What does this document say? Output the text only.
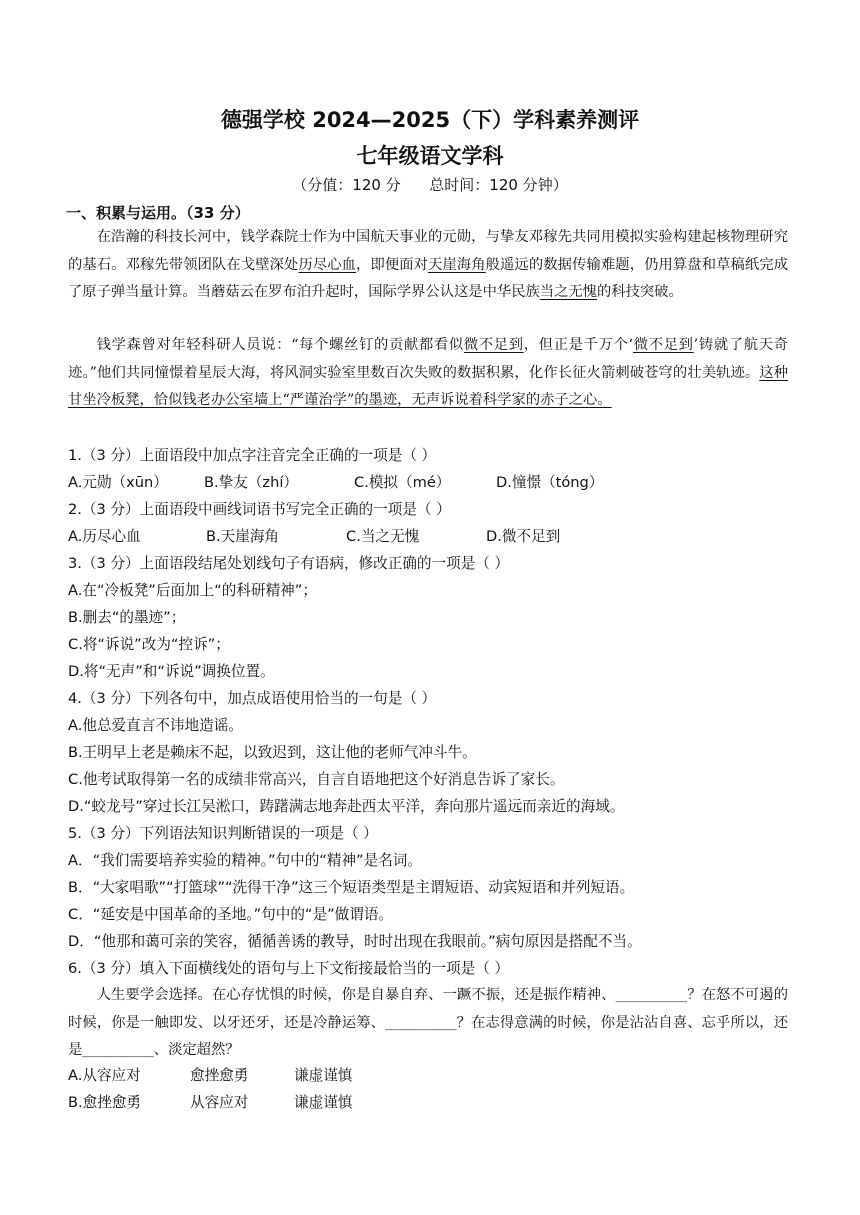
德强学校 2024—2025（下）学科素养测评
七年级语文学科
（分值：120 分      总时间：120 分钟）
一、积累与运用。（33 分）
在浩瀚的科技长河中，钱学森院士作为中国航天事业的元勋，与挚友邓稼先共同用模拟实验构建起核物理研究的基石。邓稼先带领团队在戈壁深处历尽心血，即便面对天崖海角般遥远的数据传输难题，仍用算盘和草稿纸完成了原子弹当量计算。当蘑菇云在罗布泊升起时，国际学界公认这是中华民族当之无愧的科技突破。
钱学森曾对年轻科研人员说：“每个螺丝钉的贡献都看似微不足到，但正是千万个‘微不足到’铸就了航天奇迹。”他们共同憧憬着星辰大海，将风洞实验室里数百次失败的数据积累，化作长征火箭刺破苍穹的壮美轨迹。这种甘坐冷板凳，恰似钱老办公室墙上“严谨治学”的墨迹，无声诉说着科学家的赤子之心。
1.（3 分）上面语段中加点字注音完全正确的一项是（ ）
A.元勋（xūn） B.挚友（zhí）	C.模拟（mé）	D.憧憬（tóng）
2.（3 分）上面语段中画线词语书写完全正确的一项是（ ）
A.历尽心血	B.天崖海角	C.当之无愧	D.微不足到
3.（3 分）上面语段结尾处划线句子有语病，修改正确的一项是（ ）
A.在“冷板凳”后面加上“的科研精神”；
B.删去“的墨迹”；
C.将“诉说”改为“控诉”；
D.将“无声”和“诉说”调换位置。
4.（3 分）下列各句中，加点成语使用恰当的一句是（ ）
A.他总爱直言不讳地造谣。
B.王明早上老是赖床不起，以致迟到，这让他的老师气冲斗牛。
C.他考试取得第一名的成绩非常高兴，自言自语地把这个好消息告诉了家长。
D.“蛟龙号”穿过长江吴淞口，踌躇满志地奔赴西太平洋，奔向那片遥远而亲近的海域。
5.（3 分）下列语法知识判断错误的一项是（ ）
A．“我们需要培养实验的精神。”句中的“精神”是名词。
B．“大家唱歌”“打篮球”“洗得干净”这三个短语类型是主谓短语、动宾短语和并列短语。
C．“延安是中国革命的圣地。”句中的“是”做谓语。
D．“他那和蔼可亲的笑容，循循善诱的教导，时时出现在我眼前。”病句原因是搭配不当。
6.（3 分）填入下面横线处的语句与上下文衔接最恰当的一项是（ ）
人生要学会选择。在心存忧惧的时候，你是自暴自弃、一蹶不振，还是振作精神、__________？在怒不可遏的时候，你是一触即发、以牙还牙，还是冷静运筹、__________？在志得意满的时候，你是沾沾自喜、忘乎所以，还是__________、淡定超然？
A.从容应对	愈挫愈勇	谦虚谨慎
B.愈挫愈勇	从容应对	谦虚谨慎
